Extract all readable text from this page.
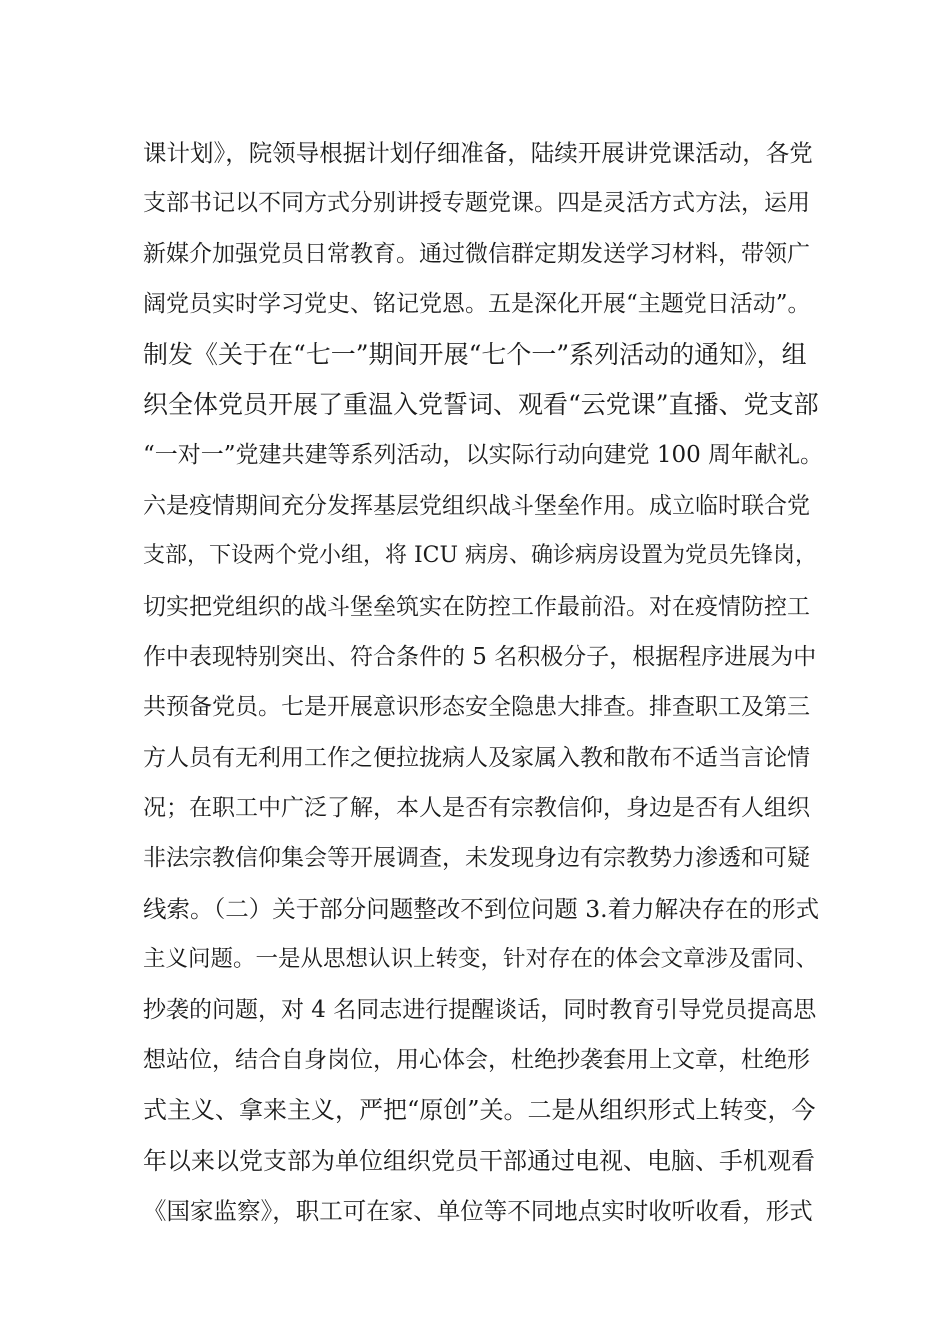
课计划》，院领导根据计划仔细准备，陆续开展讲党课活动，各党
支部书记以不同方式分别讲授专题党课。四是灵活方式方法，运用
新媒介加强党员日常教育。通过微信群定期发送学习材料，带领广
阔党员实时学习党史、铭记党恩。五是深化开展“主题党日活动”。
制发《关于在“七一”期间开展“七个一”系列活动的通知》，组
织全体党员开展了重温入党誓词、观看“云党课”直播、党支部
“一对一”党建共建等系列活动，以实际行动向建党 100 周年献礼。
六是疫情期间充分发挥基层党组织战斗堡垒作用。成立临时联合党
支部，下设两个党小组，将 ICU 病房、确诊病房设置为党员先锋岗，
切实把党组织的战斗堡垒筑实在防控工作最前沿。对在疫情防控工
作中表现特别突出、符合条件的 5 名积极分子，根据程序进展为中
共预备党员。七是开展意识形态安全隐患大排查。排查职工及第三
方人员有无利用工作之便拉拢病人及家属入教和散布不适当言论情
况；在职工中广泛了解，本人是否有宗教信仰，身边是否有人组织
非法宗教信仰集会等开展调查，未发现身边有宗教势力渗透和可疑
线索。（二）关于部分问题整改不到位问题 3.着力解决存在的形式
主义问题。一是从思想认识上转变，针对存在的体会文章涉及雷同、
抄袭的问题，对 4 名同志进行提醒谈话，同时教育引导党员提高思
想站位，结合自身岗位，用心体会，杜绝抄袭套用上文章，杜绝形
式主义、拿来主义，严把“原创”关。二是从组织形式上转变，今
年以来以党支部为单位组织党员干部通过电视、电脑、手机观看
《国家监察》，职工可在家、单位等不同地点实时收听收看，形式
